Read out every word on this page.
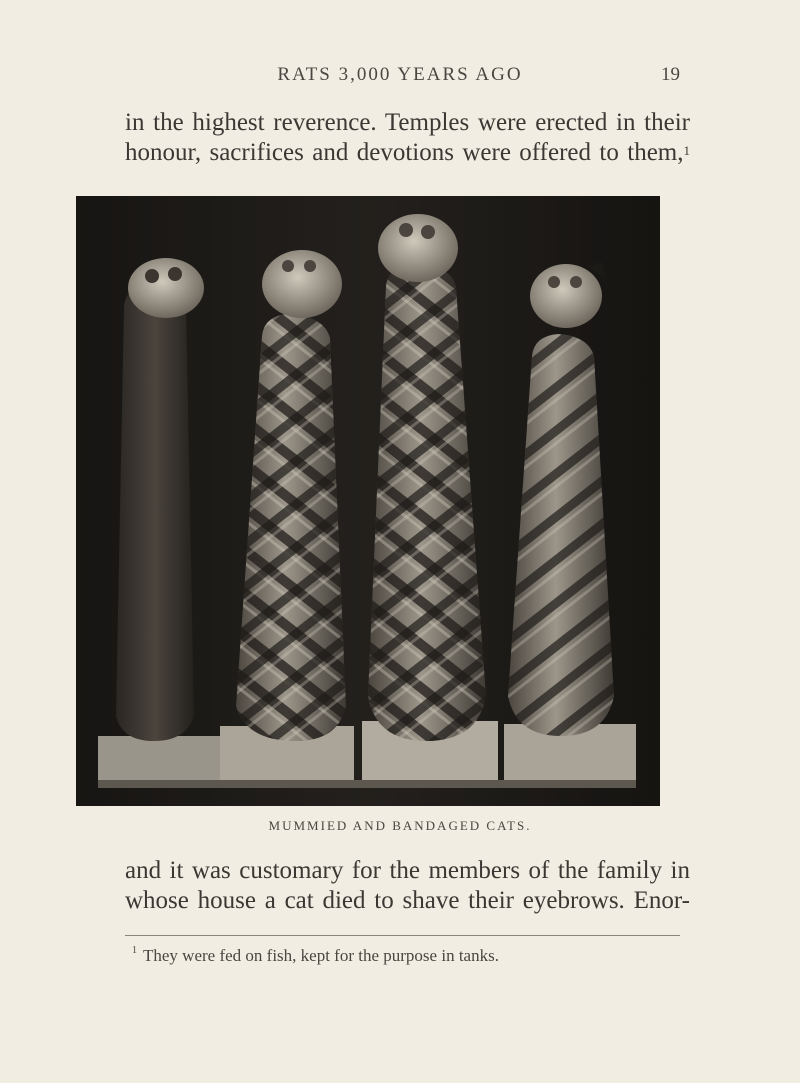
RATS 3,000 YEARS AGO	19
in the highest reverence. Temples were erected in their
honour, sacrifices and devotions were offered to them,$^1$
MUMMIED AND BANDAGED CATS.
and it was customary for the members of the family in
whose house a cat died to shave their eyebrows. Enor-
$^1$ They were fed on fish, kept for the purpose in tanks.
